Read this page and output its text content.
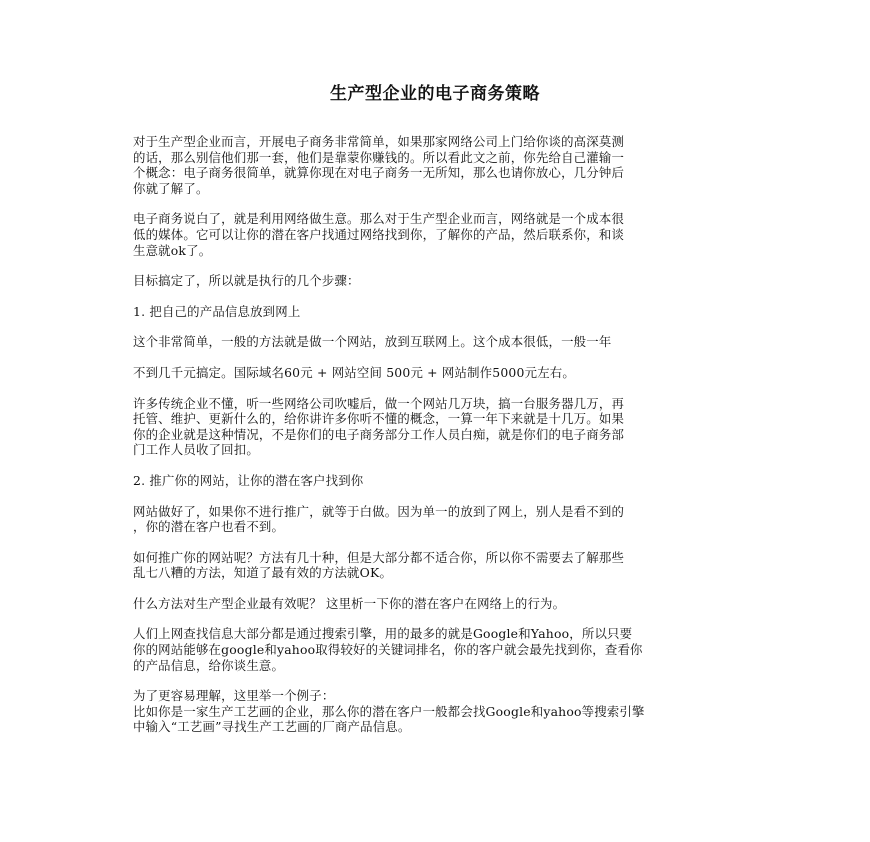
生产型企业的电子商务策略
对于生产型企业而言，开展电子商务非常简单，如果那家网络公司上门给你谈的高深莫测
的话，那么别信他们那一套，他们是靠蒙你赚钱的。所以看此文之前，你先给自己灌输一
个概念：电子商务很简单，就算你现在对电子商务一无所知，那么也请你放心，几分钟后
你就了解了。
电子商务说白了，就是利用网络做生意。那么对于生产型企业而言，网络就是一个成本很
低的媒体。它可以让你的潜在客户找通过网络找到你，了解你的产品，然后联系你，和谈
生意就ok了。
目标搞定了，所以就是执行的几个步骤：
1. 把自己的产品信息放到网上
这个非常简单，一般的方法就是做一个网站，放到互联网上。这个成本很低，一般一年
不到几千元搞定。国际域名60元 + 网站空间 500元 + 网站制作5000元左右。
许多传统企业不懂，听一些网络公司吹嘘后，做一个网站几万块，搞一台服务器几万，再
托管、维护、更新什么的，给你讲许多你听不懂的概念，一算一年下来就是十几万。如果
你的企业就是这种情况，不是你们的电子商务部分工作人员白痴，就是你们的电子商务部
门工作人员收了回扣。
2. 推广你的网站，让你的潜在客户找到你
网站做好了，如果你不进行推广，就等于白做。因为单一的放到了网上，别人是看不到的
，你的潜在客户也看不到。
如何推广你的网站呢？方法有几十种，但是大部分都不适合你，所以你不需要去了解那些
乱七八糟的方法，知道了最有效的方法就OK。
什么方法对生产型企业最有效呢？ 这里析一下你的潜在客户在网络上的行为。
人们上网查找信息大部分都是通过搜索引擎，用的最多的就是Google和Yahoo，所以只要
你的网站能够在google和yahoo取得较好的关键词排名，你的客户就会最先找到你，查看你
的产品信息，给你谈生意。
为了更容易理解，这里举一个例子：
比如你是一家生产工艺画的企业，那么你的潜在客户一般都会找Google和yahoo等搜索引擎
中输入“工艺画”寻找生产工艺画的厂商产品信息。
